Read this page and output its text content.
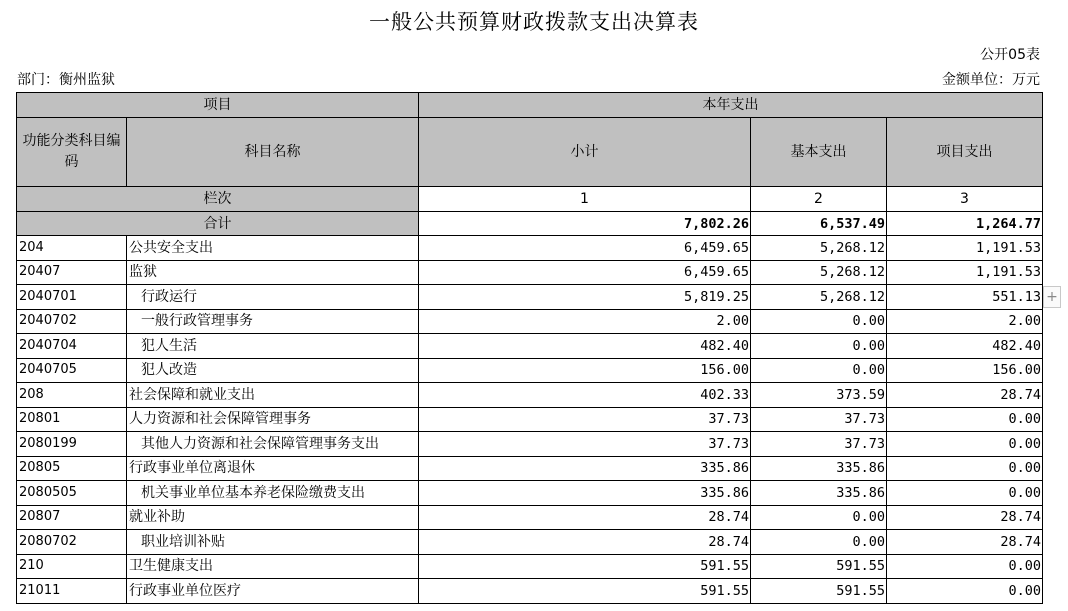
一般公共预算财政拨款支出决算表
公开05表
部门：衡州监狱	金额单位：万元
项目		本年支出		
功能分类科目编码	科目名称	小计	基本支出	项目支出
栏次		1	2	3
合计		7,802.26	6,537.49	1,264.77
204	公共安全支出	6,459.65	5,268.12	1,191.53
20407	监狱	6,459.65	5,268.12	1,191.53
2040701	行政运行	5,819.25	5,268.12	551.13
2040702	一般行政管理事务	2.00	0.00	2.00
2040704	犯人生活	482.40	0.00	482.40
2040705	犯人改造	156.00	0.00	156.00
208	社会保障和就业支出	402.33	373.59	28.74
20801	人力资源和社会保障管理事务	37.73	37.73	0.00
2080199	其他人力资源和社会保障管理事务支出	37.73	37.73	0.00
20805	行政事业单位离退休	335.86	335.86	0.00
2080505	机关事业单位基本养老保险缴费支出	335.86	335.86	0.00
20807	就业补助	28.74	0.00	28.74
2080702	职业培训补贴	28.74	0.00	28.74
210	卫生健康支出	591.55	591.55	0.00
21011	行政事业单位医疗	591.55	591.55	0.00
+
